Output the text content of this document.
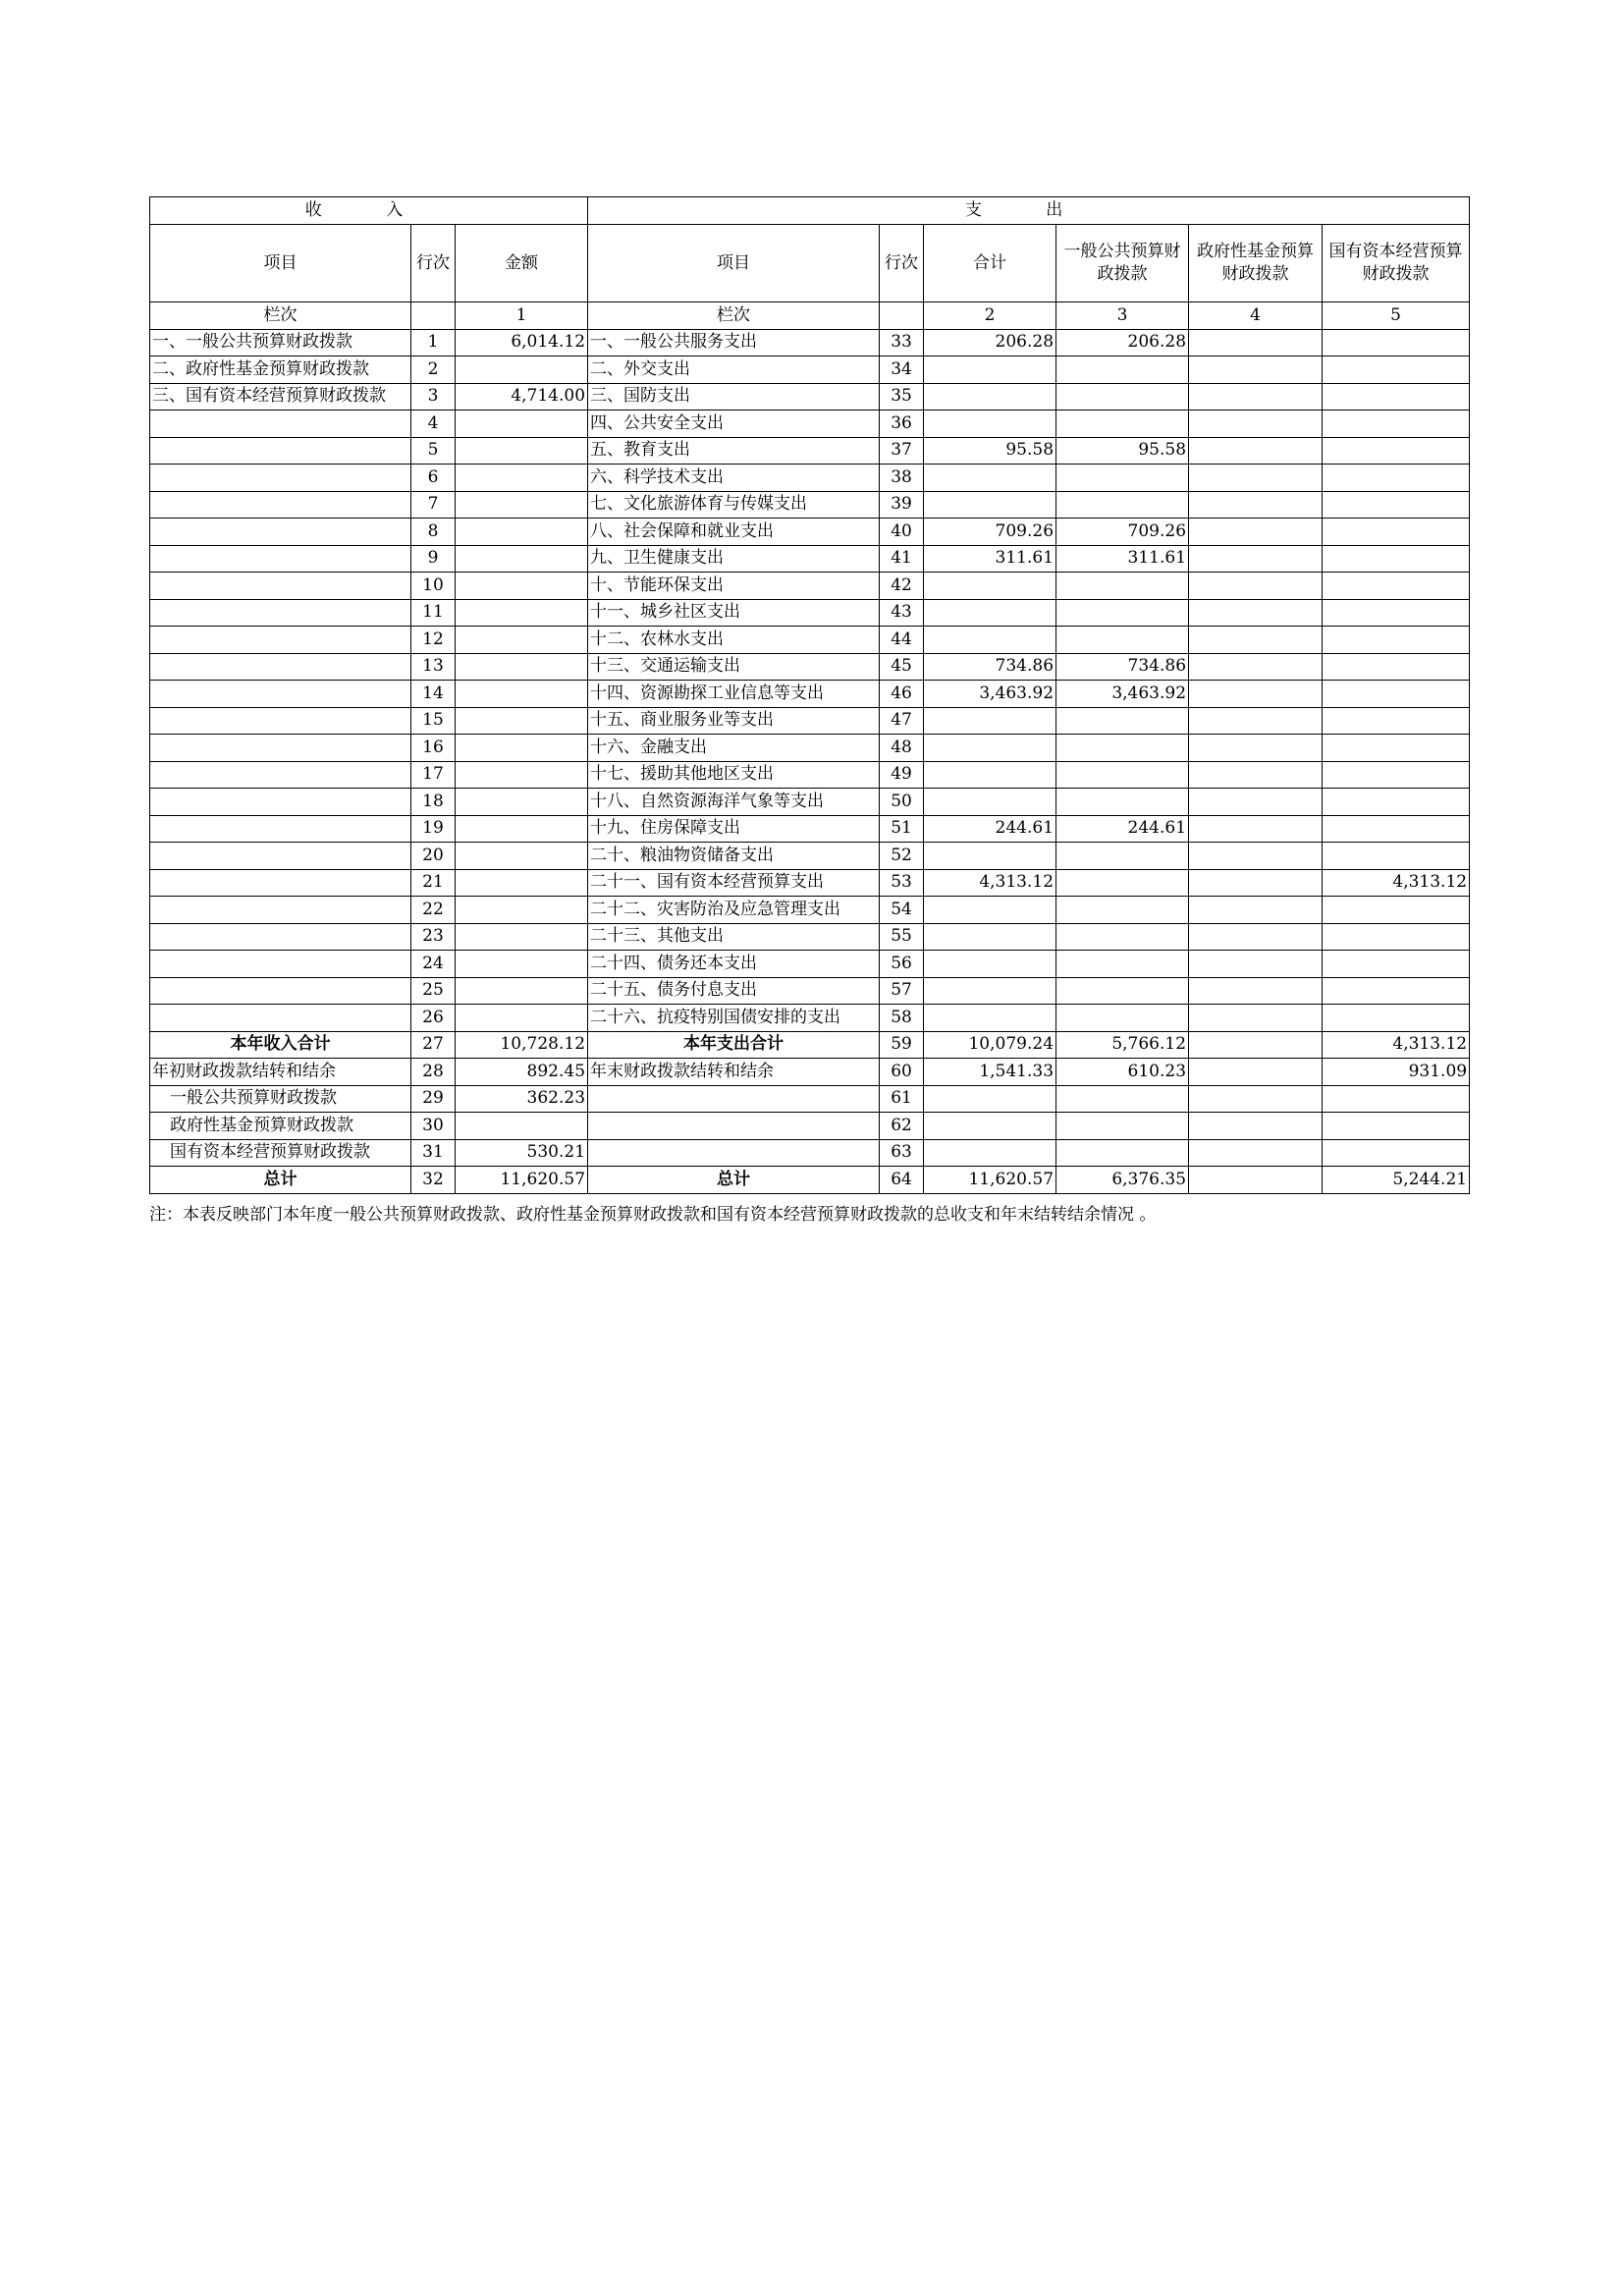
收 入			支 出					
项目	行次	金额	项目	行次	合计	一般公共预算财政拨款	政府性基金预算财政拨款	国有资本经营预算财政拨款
栏次		1	栏次		2	3	4	5
一、一般公共预算财政拨款	1	6,014.12	一、一般公共服务支出	33	206.28	206.28		
二、政府性基金预算财政拨款	2		二、外交支出	34				
三、国有资本经营预算财政拨款	3	4,714.00	三、国防支出	35				
	4		四、公共安全支出	36				
	5		五、教育支出	37	95.58	95.58		
	6		六、科学技术支出	38				
	7		七、文化旅游体育与传媒支出	39				
	8		八、社会保障和就业支出	40	709.26	709.26		
	9		九、卫生健康支出	41	311.61	311.61		
	10		十、节能环保支出	42				
	11		十一、城乡社区支出	43				
	12		十二、农林水支出	44				
	13		十三、交通运输支出	45	734.86	734.86		
	14		十四、资源勘探工业信息等支出	46	3,463.92	3,463.92		
	15		十五、商业服务业等支出	47				
	16		十六、金融支出	48				
	17		十七、援助其他地区支出	49				
	18		十八、自然资源海洋气象等支出	50				
	19		十九、住房保障支出	51	244.61	244.61		
	20		二十、粮油物资储备支出	52				
	21		二十一、国有资本经营预算支出	53	4,313.12			4,313.12
	22		二十二、灾害防治及应急管理支出	54				
	23		二十三、其他支出	55				
	24		二十四、债务还本支出	56				
	25		二十五、债务付息支出	57				
	26		二十六、抗疫特别国债安排的支出	58				
本年收入合计	27	10,728.12	本年支出合计	59	10,079.24	5,766.12		4,313.12
年初财政拨款结转和结余	28	892.45	年末财政拨款结转和结余	60	1,541.33	610.23		931.09
一般公共预算财政拨款	29	362.23		61				
政府性基金预算财政拨款	30			62				
国有资本经营预算财政拨款	31	530.21		63				
总计	32	11,620.57	总计	64	11,620.57	6,376.35		5,244.21
注：本表反映部门本年度一般公共预算财政拨款、政府性基金预算财政拨款和国有资本经营预算财政拨款的总收支和年末结转结余情况 。
